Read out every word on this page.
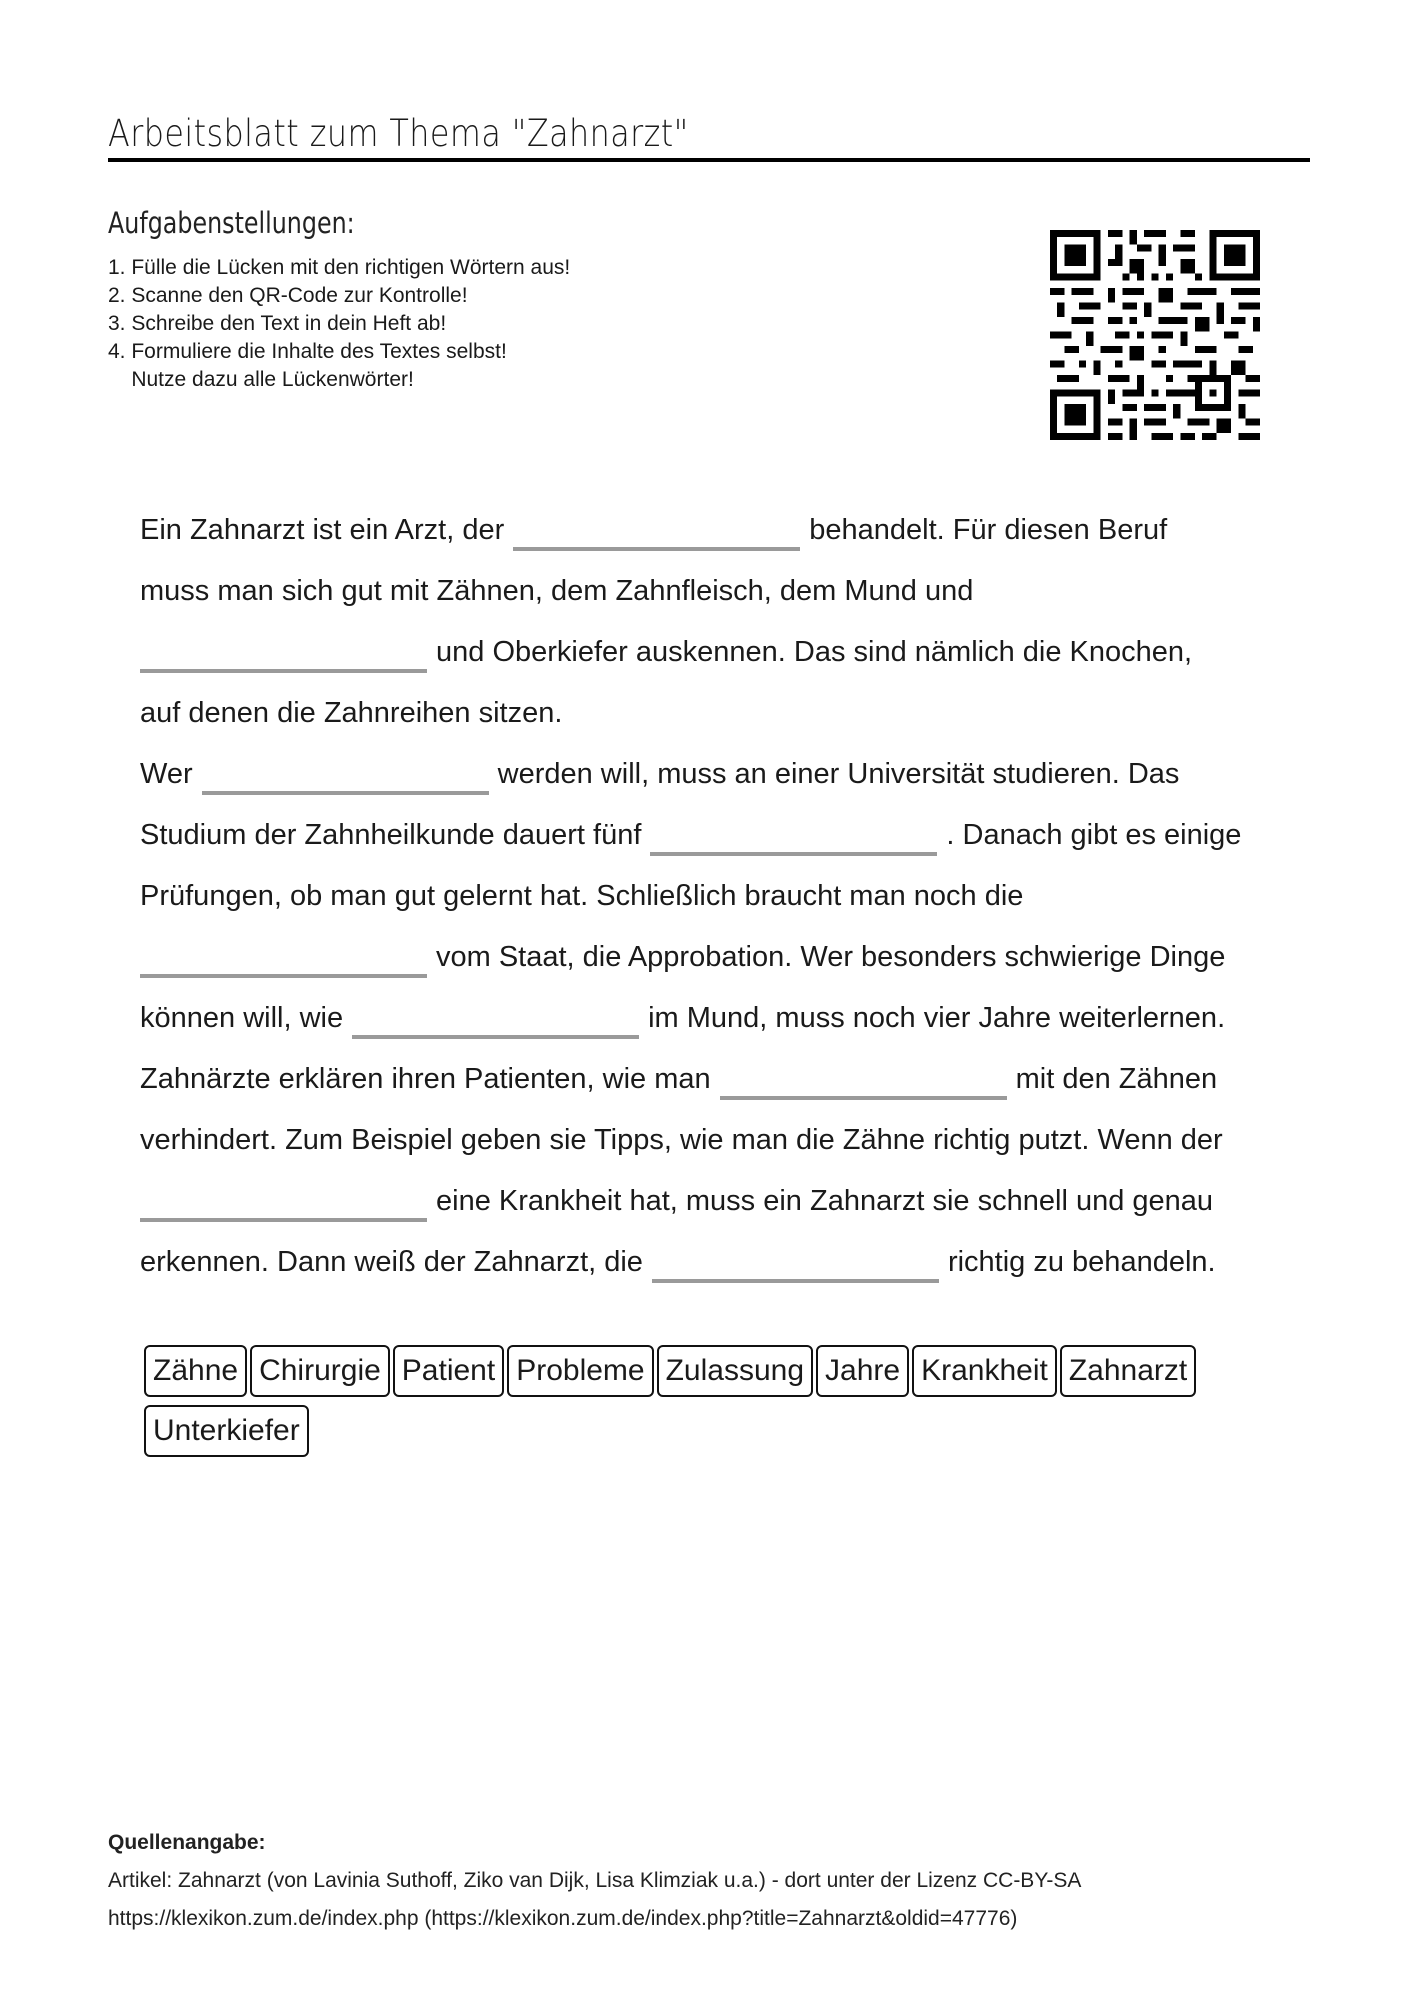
Arbeitsblatt zum Thema "Zahnarzt"
Aufgabenstellungen:
1. Fülle die Lücken mit den richtigen Wörtern aus!
2. Scanne den QR-Code zur Kontrolle!
3. Schreibe den Text in dein Heft ab!
4. Formuliere die Inhalte des Textes selbst!
Nutze dazu alle Lückenwörter!
Ein Zahnarzt ist ein Arzt, der	behandelt. Für diesen Beruf
muss man sich gut mit Zähnen, dem Zahnfleisch, dem Mund und
und Oberkiefer auskennen. Das sind nämlich die Knochen,
auf denen die Zahnreihen sitzen.
Wer	werden will, muss an einer Universität studieren. Das
Studium der Zahnheilkunde dauert fünf	. Danach gibt es einige
Prüfungen, ob man gut gelernt hat. Schließlich braucht man noch die
vom Staat, die Approbation. Wer besonders schwierige Dinge
können will, wie	im Mund, muss noch vier Jahre weiterlernen.
Zahnärzte erklären ihren Patienten, wie man	mit den Zähnen
verhindert. Zum Beispiel geben sie Tipps, wie man die Zähne richtig putzt. Wenn der
eine Krankheit hat, muss ein Zahnarzt sie schnell und genau
erkennen. Dann weiß der Zahnarzt, die	richtig zu behandeln.
Zähne Chirurgie Patient Probleme Zulassung Jahre Krankheit ZahnarztUnterkiefer
Quellenangabe:
Artikel: Zahnarzt (von Lavinia Suthoff, Ziko van Dijk, Lisa Klimziak u.a.) - dort unter der Lizenz CC-BY-SA
https://klexikon.zum.de/index.php (https://klexikon.zum.de/index.php?title=Zahnarzt&oldid=47776)
